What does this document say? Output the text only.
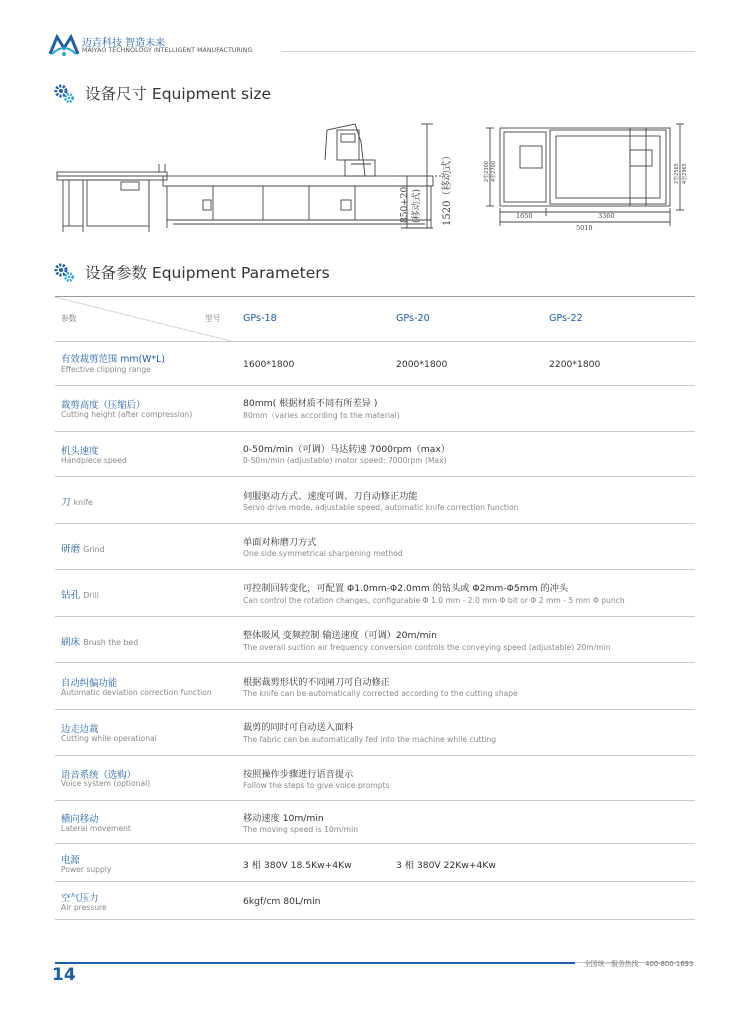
迈垚科技 智造未来
MAIYAO TECHNOLOGY INTELLIGENT MANUFACTURING
设备尺寸 Equipment size
850+20 (移动式) 1520（移动式）	1650	3360
5010
2型2300 4型2700	2型2565 4型2965
设备参数 Equipment Parameters
参数	型号 GPs-18	GPs-20	GPs-22
有效裁剪范围 mm(W*L)
Effective clipping range	1600*1800	2000*1800	2200*1800
裁剪高度（压缩后）
Cutting height (after compression)
80mm( 根据材质不同有所差异 )
80mm（varies according to the material)
机头速度
Handpiece speed
0-50m/min（可调）马达转速 7000rpm（max）
0-50m/min (adjustable) motor speed: 7000rpm (Max)
刀 knife
伺服驱动方式、速度可调、刀自动修正功能
Servo drive mode, adjustable speed, automatic knife correction function
研磨 Grind
单面对称磨刀方式
One side symmetrical sharpening method
钻孔 Drill
可控制回转变化，可配置 Φ1.0mm-Φ2.0mm 的钻头或 Φ2mm-Φ5mm 的冲头
Can control the rotation changes, configurable Φ 1.0 mm - 2.0 mm Φ bit or Φ 2 mm - 5 mm Φ punch
刷床 Brush the bed
整体吸风 变频控制 输送速度（可调）20m/min
The overall suction air frequency conversion controls the conveying speed (adjustable) 20m/min
自动纠偏功能
Automatic deviation correction function
根据裁剪形状的不同闸刀可自动修正
The knife can be automatically corrected according to the cutting shape
边走边裁
Cutting while operational
裁剪的同时可自动送入面料
The fabric can be automatically fed into the machine while cutting
语音系统（选购）
Voice system (optional)
按照操作步骤进行语音提示
Follow the steps to give voice prompts
横向移动
Lateral movement
移动速度 10m/min
The moving speed is 10m/min
电源
Power supply	3 相 380V 18.5Kw+4Kw	3 相 380V 22Kw+4Kw
空气压力
Air pressure
6kgf/cm 80L/min
14
全国统一服务热线：400-800-1693
